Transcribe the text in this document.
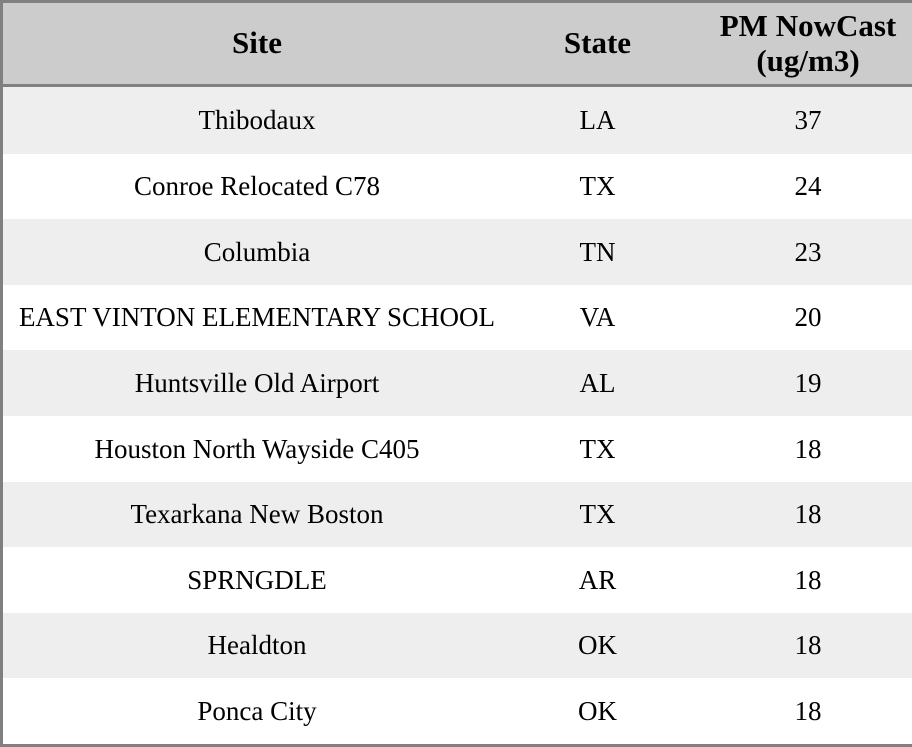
Site	State	PM NowCast (ug/m3)
Thibodaux	LA	37
Conroe Relocated C78	TX	24
Columbia	TN	23
EAST VINTON ELEMENTARY SCHOOL	VA	20
Huntsville Old Airport	AL	19
Houston North Wayside C405	TX	18
Texarkana New Boston	TX	18
SPRNGDLE	AR	18
Healdton	OK	18
Ponca City	OK	18
